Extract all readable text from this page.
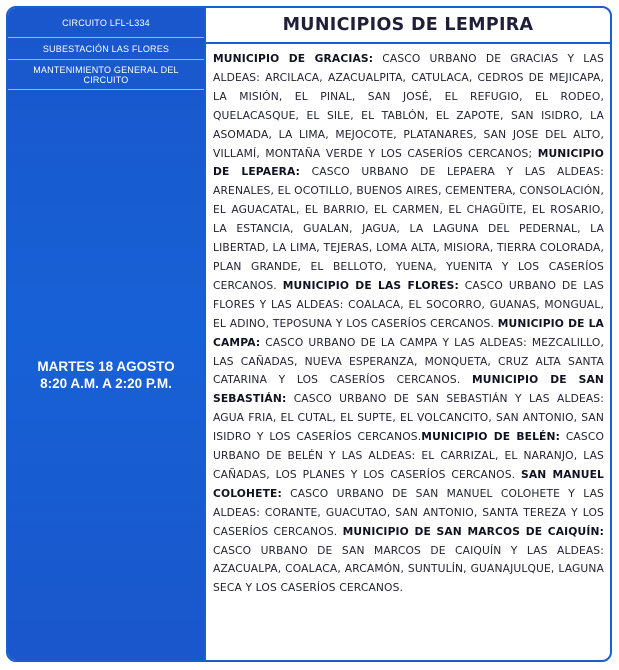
CIRCUITO LFL-L334
SUBESTACIÓN LAS FLORES
MANTENIMIENTO GENERAL DEL CIRCUITO
MARTES 18 AGOSTO
8:20 A.M. A 2:20 P.M.
MUNICIPIOS DE LEMPIRA
MUNICIPIO DE GRACIAS: CASCO URBANO DE GRACIAS Y LAS ALDEAS: ARCILACA, AZACUALPITA, CATULACA, CEDROS DE MEJICAPA, LA MISIÓN, EL PINAL, SAN JOSÉ, EL REFUGIO, EL RODEO, QUELACASQUE, EL SILE, EL TABLÓN, EL ZAPOTE, SAN ISIDRO, LA ASOMADA, LA LIMA, MEJOCOTE, PLATANARES, SAN JOSE DEL ALTO, VILLAMÍ, MONTAÑA VERDE Y LOS CASERÍOS CERCANOS; MUNICIPIO DE LEPAERA: CASCO URBANO DE LEPAERA Y LAS ALDEAS: ARENALES, EL OCOTILLO, BUENOS AIRES, CEMENTERA, CONSOLACIÓN, EL AGUACATAL, EL BARRIO, EL CARMEN, EL CHAGÜITE, EL ROSARIO, LA ESTANCIA, GUALAN, JAGUA, LA LAGUNA DEL PEDERNAL, LA LIBERTAD, LA LIMA, TEJERAS, LOMA ALTA, MISIORA, TIERRA COLORADA, PLAN GRANDE, EL BELLOTO, YUENA, YUENITA Y LOS CASERÍOS CERCANOS. MUNICIPIO DE LAS FLORES: CASCO URBANO DE LAS FLORES Y LAS ALDEAS: COALACA, EL SOCORRO, GUANAS, MONGUAL, EL ADINO, TEPOSUNA Y LOS CASERÍOS CERCANOS. MUNICIPIO DE LA CAMPA: CASCO URBANO DE LA CAMPA Y LAS ALDEAS: MEZCALILLO, LAS CAÑADAS, NUEVA ESPERANZA, MONQUETA, CRUZ ALTA SANTA CATARINA Y LOS CASERÍOS CERCANOS. MUNICIPIO DE SAN SEBASTIÁN: CASCO URBANO DE SAN SEBASTIÁN Y LAS ALDEAS: AGUA FRIA, EL CUTAL, EL SUPTE, EL VOLCANCITO, SAN ANTONIO, SAN ISIDRO Y LOS CASERÍOS CERCANOS.MUNICIPIO DE BELÉN: CASCO URBANO DE BELÉN Y LAS ALDEAS: EL CARRIZAL, EL NARANJO, LAS CAÑADAS, LOS PLANES Y LOS CASERÍOS CERCANOS. SAN MANUEL COLOHETE: CASCO URBANO DE SAN MANUEL COLOHETE Y LAS ALDEAS: CORANTE, GUACUTAO, SAN ANTONIO, SANTA TEREZA Y LOS CASERÍOS CERCANOS. MUNICIPIO DE SAN MARCOS DE CAIQUÍN: CASCO URBANO DE SAN MARCOS DE CAIQUÍN Y LAS ALDEAS: AZACUALPA, COALACA, ARCAMÓN, SUNTULÍN, GUANAJULQUE, LAGUNA SECA Y LOS CASERÍOS CERCANOS.
